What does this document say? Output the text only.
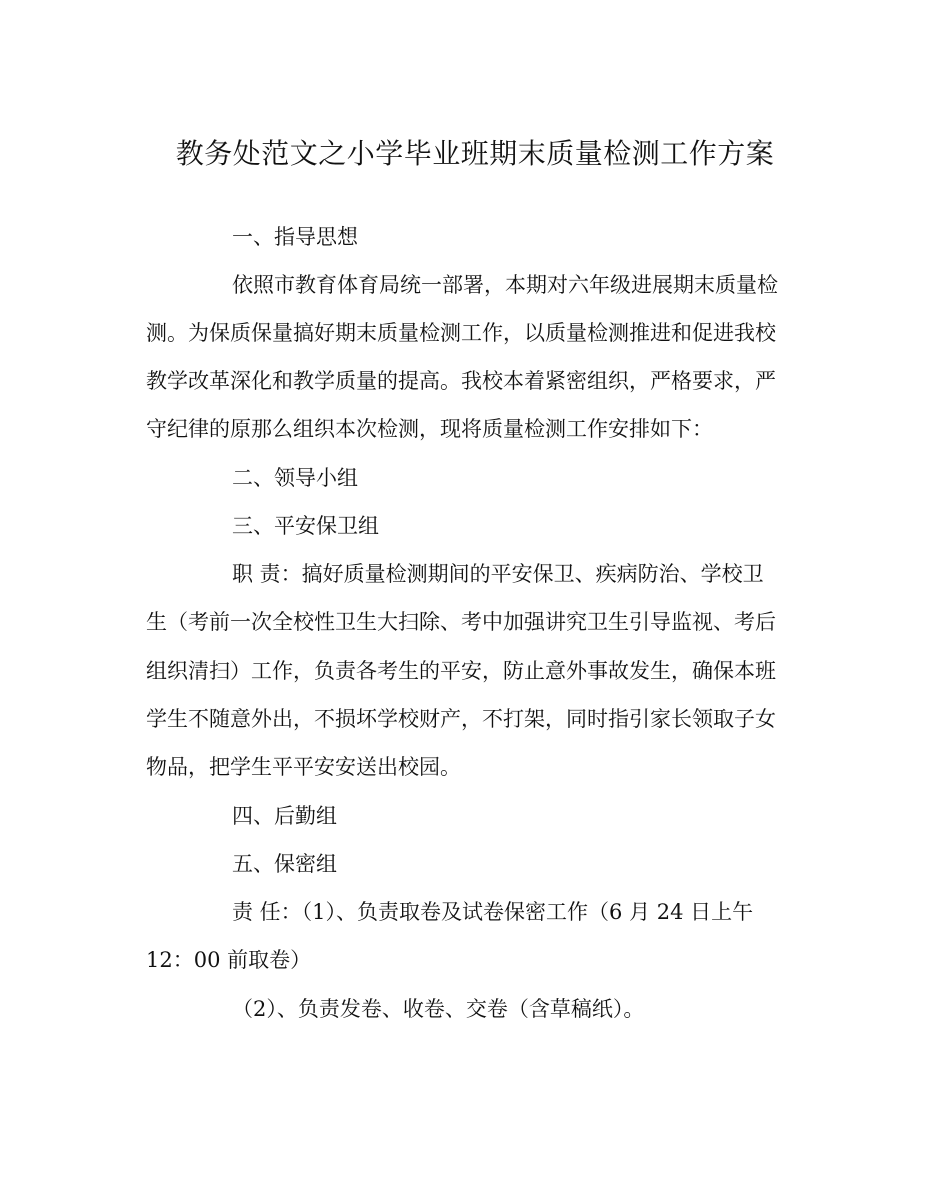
教务处范文之小学毕业班期末质量检测工作方案
一、指导思想
依照市教育体育局统一部署，本期对六年级进展期末质量检
测。为保质保量搞好期末质量检测工作，以质量检测推进和促进我校
教学改革深化和教学质量的提高。我校本着紧密组织，严格要求，严
守纪律的原那么组织本次检测，现将质量检测工作安排如下：
二、领导小组
三、平安保卫组
职 责：搞好质量检测期间的平安保卫、疾病防治、学校卫
生（考前一次全校性卫生大扫除、考中加强讲究卫生引导监视、考后
组织清扫）工作，负责各考生的平安，防止意外事故发生，确保本班
学生不随意外出，不损坏学校财产，不打架，同时指引家长领取子女
物品，把学生平平安安送出校园。
四、后勤组
五、保密组
责 任：（1）、负责取卷及试卷保密工作（6 月 24 日上午
12：00 前取卷）
（2）、负责发卷、收卷、交卷（含草稿纸）。
